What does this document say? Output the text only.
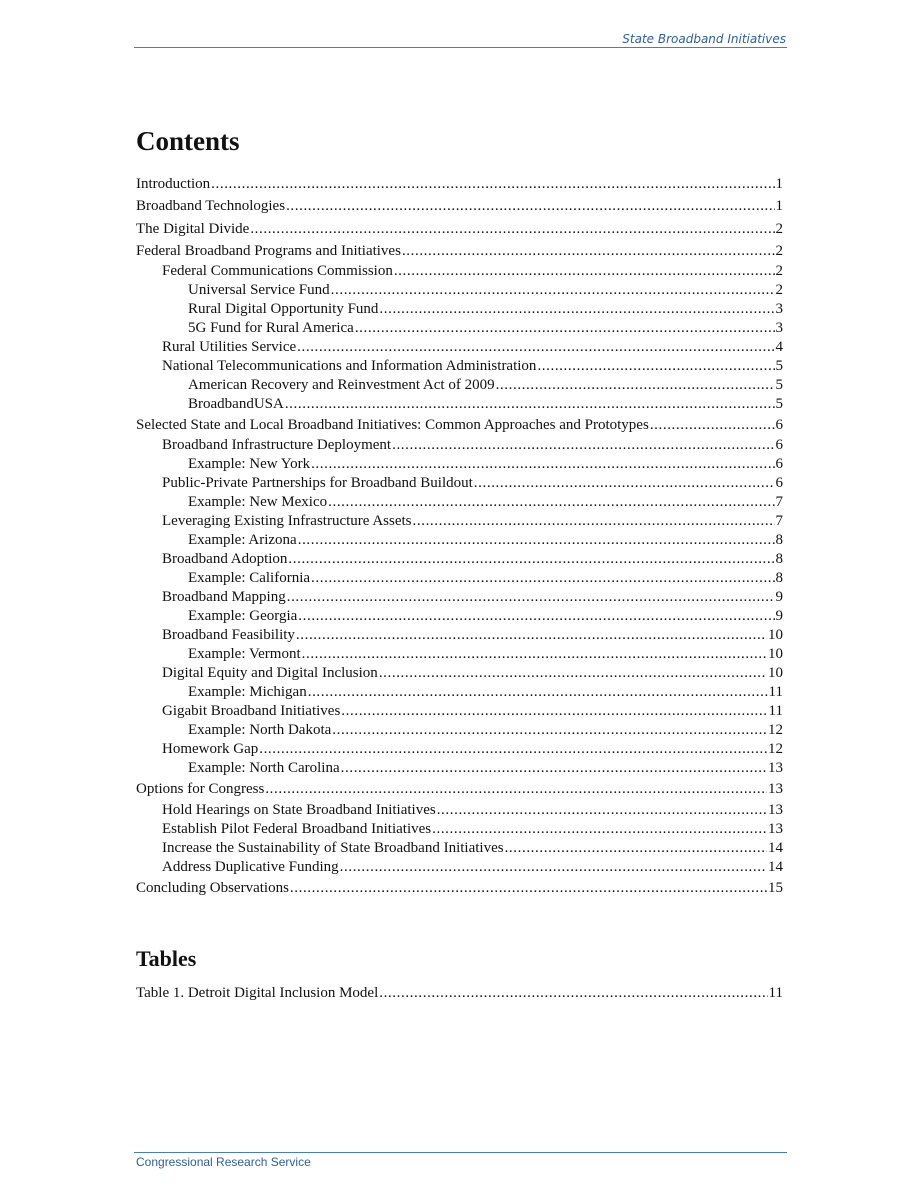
State Broadband Initiatives
Contents
Introduction .....	1
Broadband Technologies .....	1
The Digital Divide .....	2
Federal Broadband Programs and Initiatives .....	2
Federal Communications Commission .....	2
Universal Service Fund .....	2
Rural Digital Opportunity Fund .....	3
5G Fund for Rural America .....	3
Rural Utilities Service .....	4
National Telecommunications and Information Administration .....	5
American Recovery and Reinvestment Act of 2009 .....	5
BroadbandUSA .....	5
Selected State and Local Broadband Initiatives: Common Approaches and Prototypes .....	6
Broadband Infrastructure Deployment .....	6
Example: New York .....	6
Public-Private Partnerships for Broadband Buildout .....	6
Example: New Mexico .....	7
Leveraging Existing Infrastructure Assets .....	7
Example: Arizona .....	8
Broadband Adoption .....	8
Example: California .....	8
Broadband Mapping .....	9
Example: Georgia .....	9
Broadband Feasibility .....	10
Example: Vermont .....	10
Digital Equity and Digital Inclusion .....	10
Example: Michigan .....	11
Gigabit Broadband Initiatives .....	11
Example: North Dakota .....	12
Homework Gap .....	12
Example: North Carolina .....	13
Options for Congress .....	13
Hold Hearings on State Broadband Initiatives .....	13
Establish Pilot Federal Broadband Initiatives .....	13
Increase the Sustainability of State Broadband Initiatives .....	14
Address Duplicative Funding .....	14
Concluding Observations .....	15
Tables
Table 1. Detroit Digital Inclusion Model .....	11
Congressional Research Service
